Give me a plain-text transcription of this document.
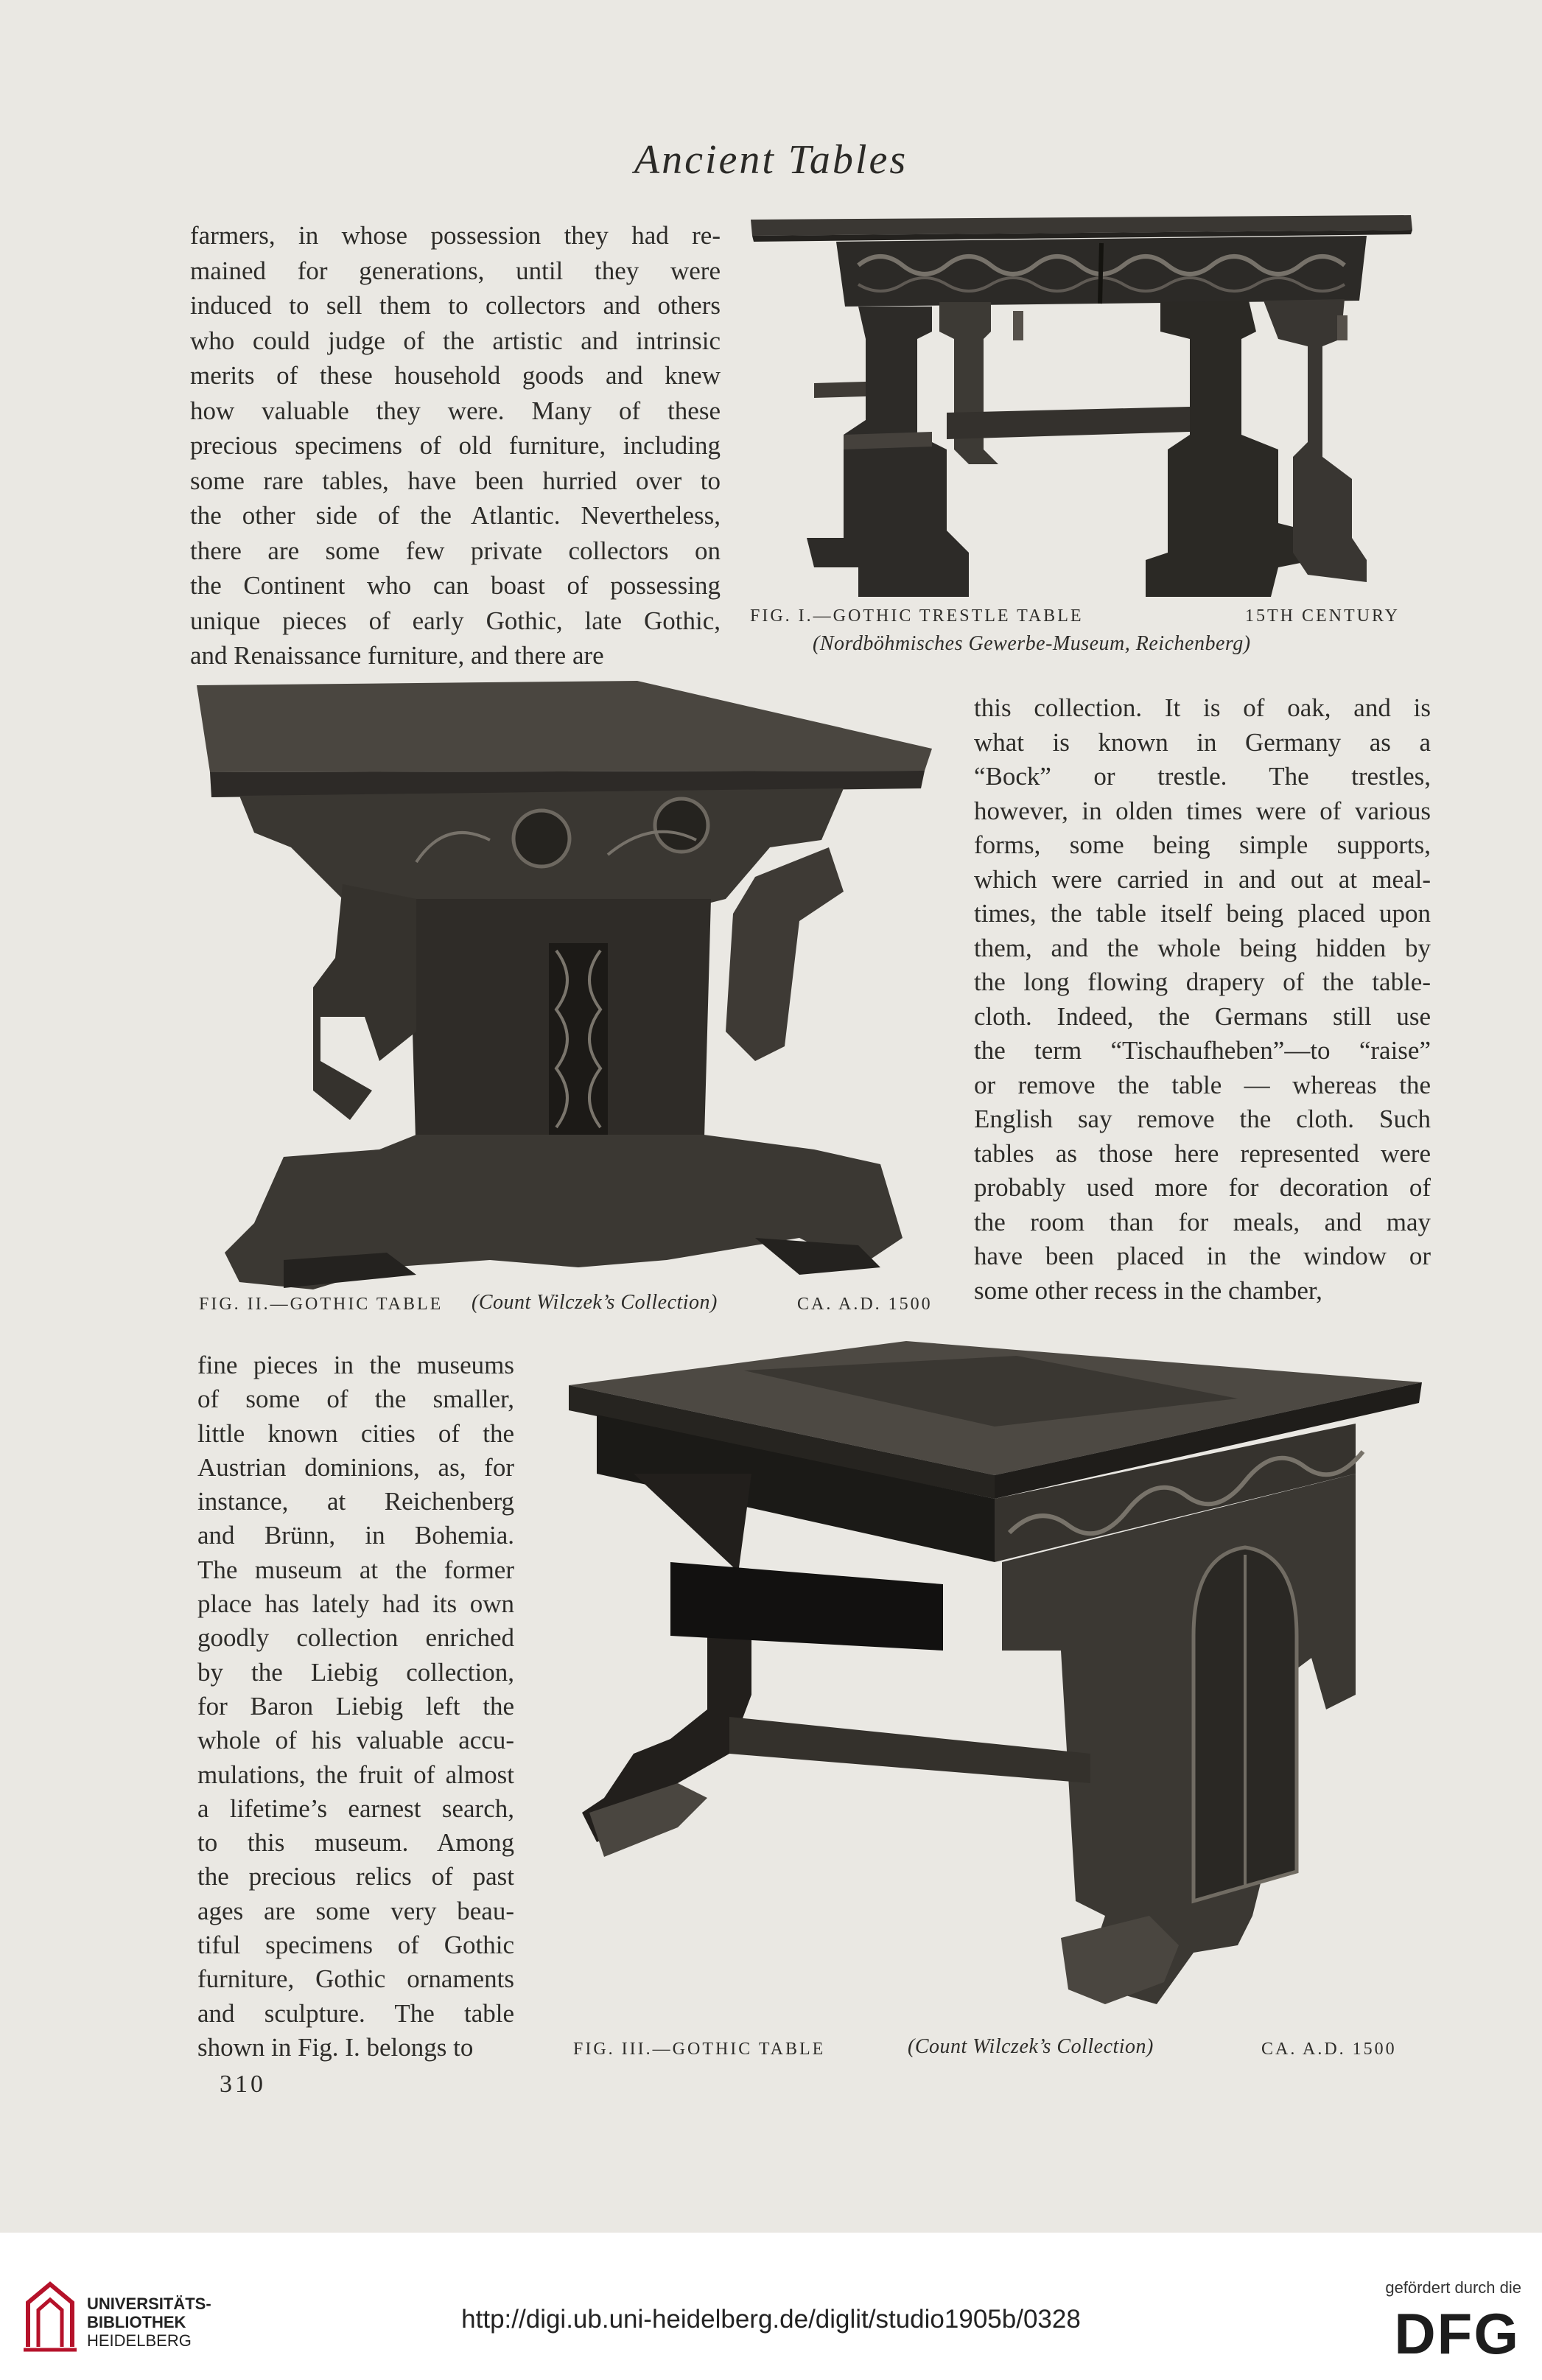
Ancient Tables
farmers, in whose possession they had re-
mained for generations, until they were
induced to sell them to collectors and others
who could judge of the artistic and intrinsic
merits of these household goods and knew
how valuable they were. Many of these
precious specimens of old furniture, including
some rare tables, have been hurried over to
the other side of the Atlantic. Nevertheless,
there are some few private collectors on
the Continent who can boast of possessing
unique pieces of early Gothic, late Gothic,
and Renaissance furniture, and there are
FIG. I.—GOTHIC TRESTLE TABLE	15TH CENTURY
(Nordböhmisches Gewerbe-Museum, Reichenberg)
FIG. II.—GOTHIC TABLE (Count Wilczek’s Collection)	CA. A.D. 1500
this collection. It is of oak, and is
what is known in Germany as a
“Bock” or trestle. The trestles,
however, in olden times were of various
forms, some being simple supports,
which were carried in and out at meal-
times, the table itself being placed upon
them, and the whole being hidden by
the long flowing drapery of the table-
cloth. Indeed, the Germans still use
the term “Tischaufheben”—to “raise”
or remove the table — whereas the
English say remove the cloth. Such
tables as those here represented were
probably used more for decoration of
the room than for meals, and may
have been placed in the window or
some other recess in the chamber,
fine pieces in the museums
of some of the smaller,
little known cities of the
Austrian dominions, as, for
instance, at Reichenberg
and Brünn, in Bohemia.
The museum at the former
place has lately had its own
goodly collection enriched
by the Liebig collection,
for Baron Liebig left the
whole of his valuable accu-
mulations, the fruit of almost
a lifetime’s earnest search,
to this museum. Among
the precious relics of past
ages are some very beau-
tiful specimens of Gothic
furniture, Gothic ornaments
and sculpture. The table
shown in Fig. I. belongs to	FIG. III.—GOTHIC TABLE	(Count Wilczek’s Collection)	CA. A.D. 1500
310
UNIVERSITÄTS-
BIBLIOTHEK
HEIDELBERG
http://digi.ub.uni-heidelberg.de/diglit/studio1905b/0328
gefördert durch die
DFG
